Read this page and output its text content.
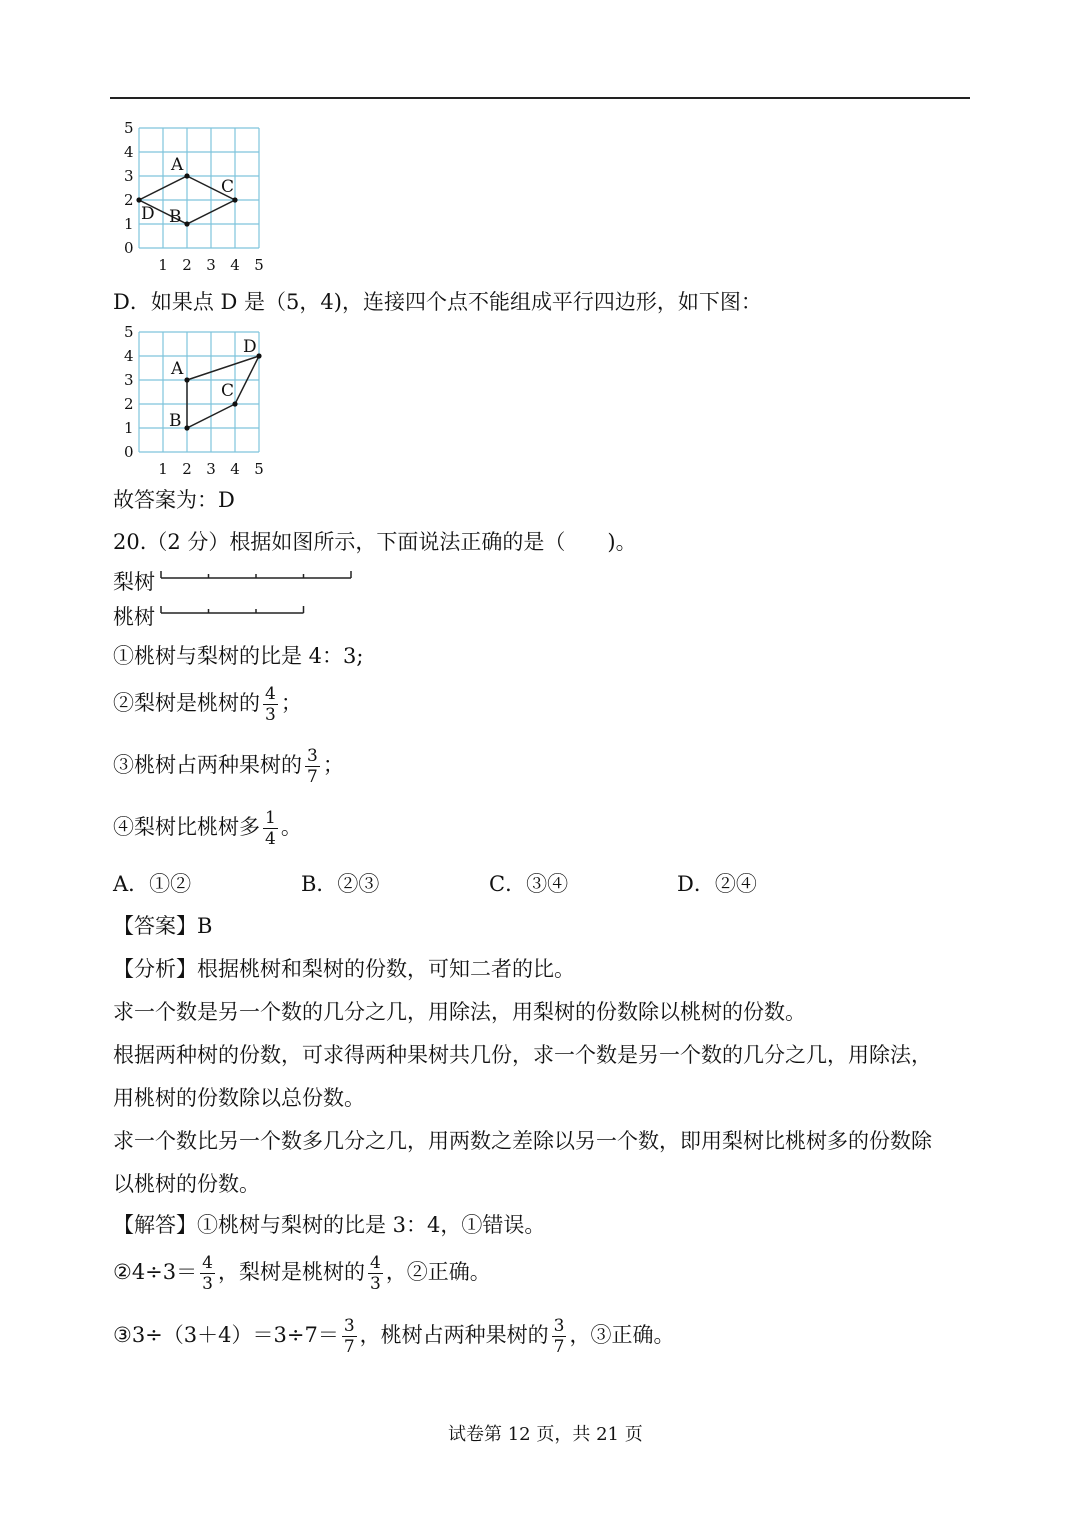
A
C
B
D
5
4
3
2
1
0
1 2 3 4 5
D．如果点 D 是（5，4)，连接四个点不能组成平行四边形，如下图：
A
D
C
B
5
4
3
2
1
0
1 2 3 4 5
故答案为：D
20.（2 分）根据如图所示，下面说法正确的是（　　)。
梨树
桃树
①桃树与梨树的比是 4：3;
②梨树是桃树的 $\frac{4}{3}$ ；
③桃树占两种果树的 $\frac{3}{7}$ ；
④梨树比桃树多 $\frac{1}{4}$ 。
A．①②	B．②③	C．③④	D．②④
【答案】B
【分析】根据桃树和梨树的份数，可知二者的比。
求一个数是另一个数的几分之几，用除法，用梨树的份数除以桃树的份数。
根据两种树的份数，可求得两种果树共几份，求一个数是另一个数的几分之几，用除法，
用桃树的份数除以总份数。
求一个数比另一个数多几分之几，用两数之差除以另一个数，即用梨树比桃树多的份数除
以桃树的份数。
【解答】①桃树与梨树的比是 3：4，①错误。
②4÷3＝ $\frac{4}{3}$ ，梨树是桃树的 $\frac{4}{3}$ ，②正确。
③3÷（3＋4）＝3÷7＝ $\frac{3}{7}$ ，桃树占两种果树的 $\frac{3}{7}$ ，③正确。
试卷第 12 页，共 21 页
